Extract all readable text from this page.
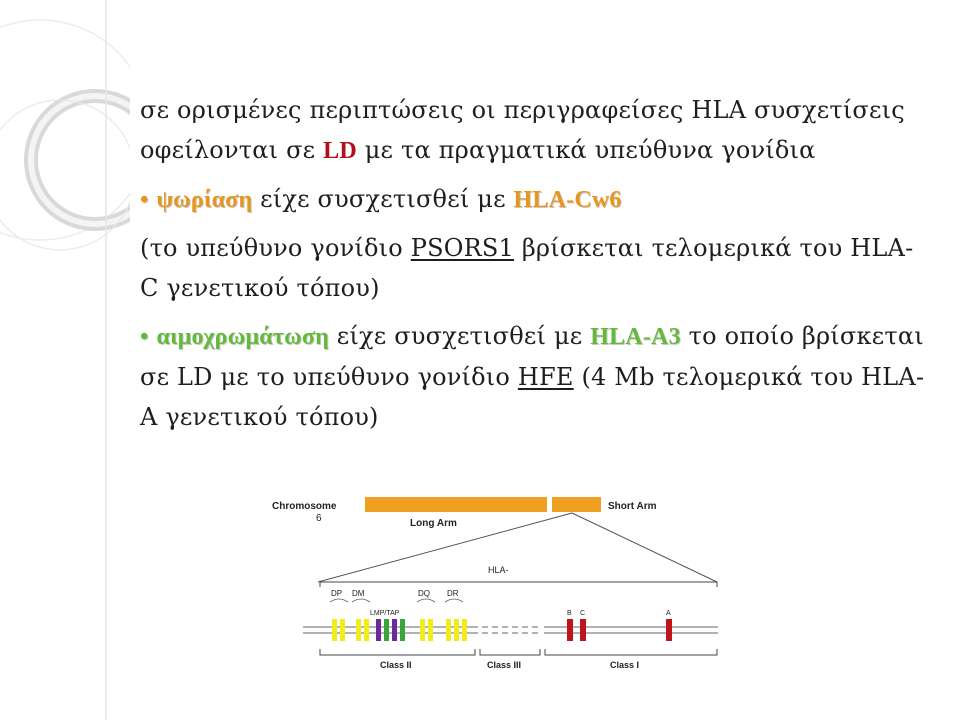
σε ορισμένες περιπτώσεις οι περιγραφείσες HLA συσχετίσεις οφείλονται σε LD με τα πραγματικά υπεύθυνα γονίδια
• ψωρίαση είχε συσχετισθεί με HLA-Cw6
(το υπεύθυνο γονίδιο PSORS1 βρίσκεται τελομερικά του HLA-C γενετικού τόπου)
• αιμοχρωμάτωση είχε συσχετισθεί με HLA-A3 το οποίο βρίσκεται σε LD με το υπεύθυνο γονίδιο HFE (4 Mb τελομερικά του HLA-A γενετικού τόπου)
Chromosome
6
Short Arm
Long Arm
HLA-
DP DM	DQ DR
LMP/TAP	B C	A
Class II	Class III	Class I
